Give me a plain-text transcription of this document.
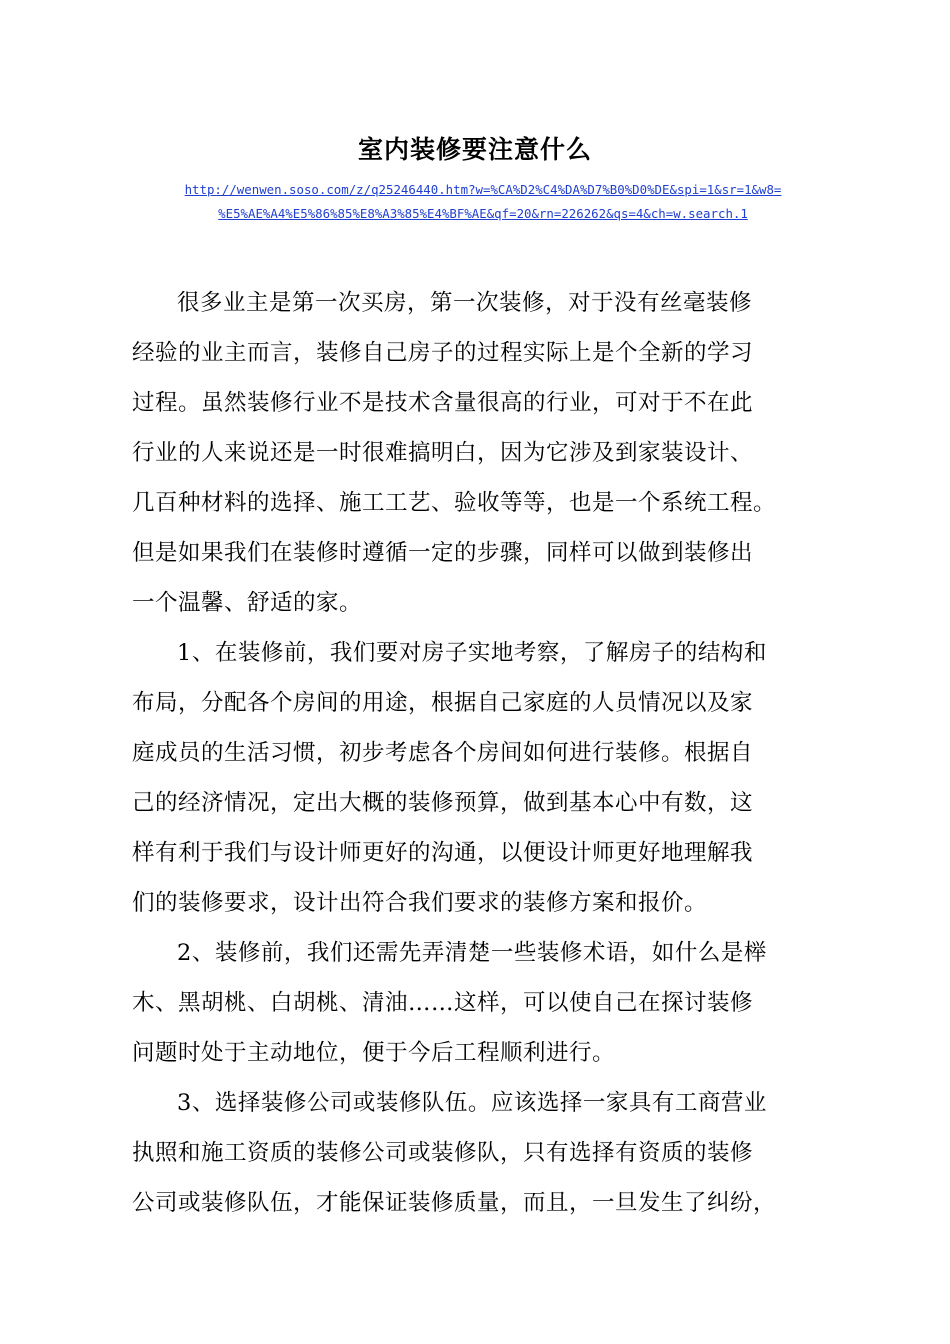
室内装修要注意什么
http://wenwen.soso.com/z/q25246440.htm?w=%CA%D2%C4%DA%D7%B0%D0%DE&spi=1&sr=1&w8=
%E5%AE%A4%E5%86%85%E8%A3%85%E4%BF%AE&qf=20&rn=226262&qs=4&ch=w.search.1
很多业主是第一次买房，第一次装修，对于没有丝毫装修
经验的业主而言，装修自己房子的过程实际上是个全新的学习
过程。虽然装修行业不是技术含量很高的行业，可对于不在此
行业的人来说还是一时很难搞明白，因为它涉及到家装设计、
几百种材料的选择、施工工艺、验收等等，也是一个系统工程。
但是如果我们在装修时遵循一定的步骤，同样可以做到装修出
一个温馨、舒适的家。
1、在装修前，我们要对房子实地考察，了解房子的结构和
布局，分配各个房间的用途，根据自己家庭的人员情况以及家
庭成员的生活习惯，初步考虑各个房间如何进行装修。根据自
己的经济情况，定出大概的装修预算，做到基本心中有数，这
样有利于我们与设计师更好的沟通，以便设计师更好地理解我
们的装修要求，设计出符合我们要求的装修方案和报价。
2、装修前，我们还需先弄清楚一些装修术语，如什么是榉
木、黑胡桃、白胡桃、清油……这样，可以使自己在探讨装修
问题时处于主动地位，便于今后工程顺利进行。
3、选择装修公司或装修队伍。应该选择一家具有工商营业
执照和施工资质的装修公司或装修队，只有选择有资质的装修
公司或装修队伍，才能保证装修质量，而且，一旦发生了纠纷，
